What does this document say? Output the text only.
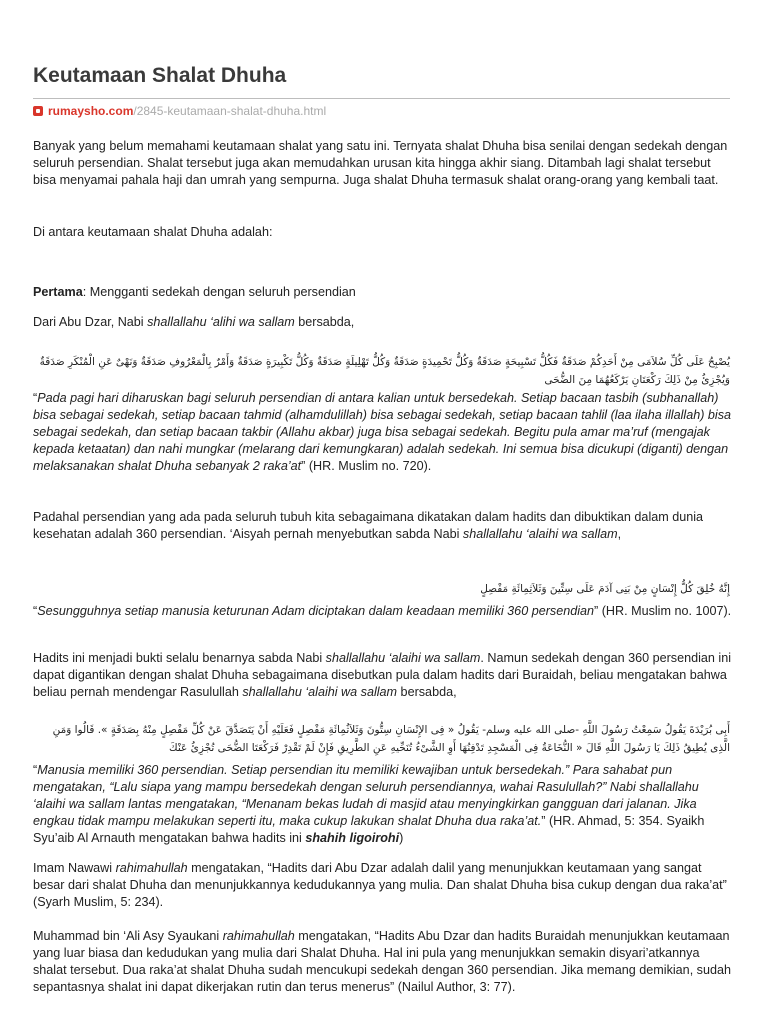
Keutamaan Shalat Dhuha
rumaysho.com/2845-keutamaan-shalat-dhuha.html

Banyak yang belum memahami keutamaan shalat yang satu ini. Ternyata shalat Dhuha bisa senilai dengan sedekah dengan seluruh persendian. Shalat tersebut juga akan memudahkan urusan kita hingga akhir siang. Ditambah lagi shalat tersebut bisa menyamai pahala haji dan umrah yang sempurna. Juga shalat Dhuha termasuk shalat orang-orang yang kembali taat.

Di antara keutamaan shalat Dhuha adalah:

Pertama: Mengganti sedekah dengan seluruh persendian

Dari Abu Dzar, Nabi shallallahu ‘alihi wa sallam bersabda,

يُصْبِحُ عَلَى كُلِّ سُلاَمَى مِنْ أَحَدِكُمْ صَدَقَةٌ فَكُلُّ تَسْبِيحَةٍ صَدَقَةٌ وَكُلُّ تَحْمِيدَةٍ صَدَقَةٌ وَكُلُّ تَهْلِيلَةٍ صَدَقَةٌ وَكُلُّ تَكْبِيرَةٍ صَدَقَةٌ وَأَمْرٌ بِالْمَعْرُوفِ صَدَقَةٌ وَنَهْىٌ عَنِ الْمُنْكَرِ صَدَقَةٌ وَيُجْزِئُ مِنْ ذَلِكَ رَكْعَتَانِ يَرْكَعُهُمَا مِنَ الضُّحَى

“Pada pagi hari diharuskan bagi seluruh persendian di antara kalian untuk bersedekah. Setiap bacaan tasbih (subhanallah) bisa sebagai sedekah, setiap bacaan tahmid (alhamdulillah) bisa sebagai sedekah, setiap bacaan tahlil (laa ilaha illallah) bisa sebagai sedekah, dan setiap bacaan takbir (Allahu akbar) juga bisa sebagai sedekah. Begitu pula amar ma’ruf (mengajak kepada ketaatan) dan nahi mungkar (melarang dari kemungkaran) adalah sedekah. Ini semua bisa dicukupi (diganti) dengan melaksanakan shalat Dhuha sebanyak 2 raka’at” (HR. Muslim no. 720).

Padahal persendian yang ada pada seluruh tubuh kita sebagaimana dikatakan dalam hadits dan dibuktikan dalam dunia kesehatan adalah 360 persendian. ‘Aisyah pernah menyebutkan sabda Nabi shallallahu ‘alaihi wa sallam,

إِنَّهُ خُلِقَ كُلُّ إِنْسَانٍ مِنْ بَنِى آدَمَ عَلَى سِتِّينَ وَثَلاَثِمِائَةِ مَفْصِلٍ

“Sesungguhnya setiap manusia keturunan Adam diciptakan dalam keadaan memiliki 360 persendian” (HR. Muslim no. 1007).

Hadits ini menjadi bukti selalu benarnya sabda Nabi shallallahu ‘alaihi wa sallam. Namun sedekah dengan 360 persendian ini dapat digantikan dengan shalat Dhuha sebagaimana disebutkan pula dalam hadits dari Buraidah, beliau mengatakan bahwa beliau pernah mendengar Rasulullah shallallahu ‘alaihi wa sallam bersabda,

أَبِى بُرَيْدَةَ يَقُولُ سَمِعْتُ رَسُولَ اللَّهِ -صلى الله عليه وسلم- يَقُولُ « فِى الإِنْسَانِ سِتُّونَ وَثَلاَثُمِائَةِ مَفْصِلٍ فَعَلَيْهِ أَنْ يَتَصَدَّقَ عَنْ كُلِّ مَفْصِلٍ مِنْهُ بِصَدَقَةٍ ». قَالُوا وَمَنِ الَّذِى يُطِيقُ ذَلِكَ يَا رَسُولَ اللَّهِ قَالَ « النُّخَاعَةُ فِى الْمَسْجِدِ تَدْفِنُهَا أَوِ الشَّىْءُ تُنَحِّيهِ عَنِ الطَّرِيقِ فَإِنْ لَمْ تَقْدِرْ فَرَكْعَتَا الضُّحَى تُجْزِئُ عَنْكَ

“Manusia memiliki 360 persendian. Setiap persendian itu memiliki kewajiban untuk bersedekah.” Para sahabat pun mengatakan, “Lalu siapa yang mampu bersedekah dengan seluruh persendiannya, wahai Rasulullah?” Nabi shallallahu ‘alaihi wa sallam lantas mengatakan, “Menanam bekas ludah di masjid atau menyingkirkan gangguan dari jalanan. Jika engkau tidak mampu melakukan seperti itu, maka cukup lakukan shalat Dhuha dua raka’at.” (HR. Ahmad, 5: 354. Syaikh Syu’aib Al Arnauth mengatakan bahwa hadits ini shahih ligoirohi)

Imam Nawawi rahimahullah mengatakan, “Hadits dari Abu Dzar adalah dalil yang menunjukkan keutamaan yang sangat besar dari shalat Dhuha dan menunjukkannya kedudukannya yang mulia. Dan shalat Dhuha bisa cukup dengan dua raka’at” (Syarh Muslim, 5: 234).

Muhammad bin ‘Ali Asy Syaukani rahimahullah mengatakan, “Hadits Abu Dzar dan hadits Buraidah menunjukkan keutamaan yang luar biasa dan kedudukan yang mulia dari Shalat Dhuha. Hal ini pula yang menunjukkan semakin disyari’atkannya shalat tersebut. Dua raka’at shalat Dhuha sudah mencukupi sedekah dengan 360 persendian. Jika memang demikian, sudah sepantasnya shalat ini dapat dikerjakan rutin dan terus menerus” (Nailul Author, 3: 77).
